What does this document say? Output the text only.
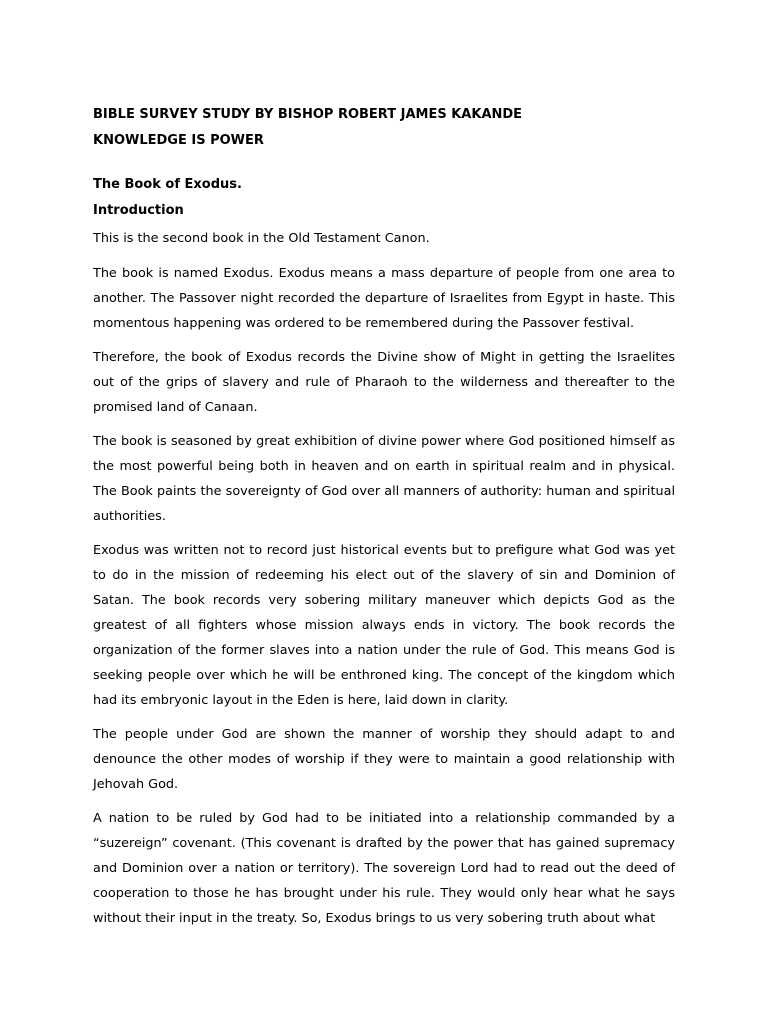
BIBLE SURVEY STUDY BY BISHOP ROBERT JAMES KAKANDE
KNOWLEDGE IS POWER
The Book of Exodus.
Introduction

This is the second book in the Old Testament Canon.

The book is named Exodus. Exodus means a mass departure of people from one area to another. The Passover night recorded the departure of Israelites from Egypt in haste. This momentous happening was ordered to be remembered during the Passover festival.

Therefore, the book of Exodus records the Divine show of Might in getting the Israelites out of the grips of slavery and rule of Pharaoh to the wilderness and thereafter to the promised land of Canaan.

The book is seasoned by great exhibition of divine power where God positioned himself as the most powerful being both in heaven and on earth in spiritual realm and in physical. The Book paints the sovereignty of God over all manners of authority: human and spiritual authorities.

Exodus was written not to record just historical events but to prefigure what God was yet to do in the mission of redeeming his elect out of the slavery of sin and Dominion of Satan. The book records very sobering military maneuver which depicts God as the greatest of all fighters whose mission always ends in victory. The book records the organization of the former slaves into a nation under the rule of God. This means God is seeking people over which he will be enthroned king. The concept of the kingdom which had its embryonic layout in the Eden is here, laid down in clarity.

The people under God are shown the manner of worship they should adapt to and denounce the other modes of worship if they were to maintain a good relationship with Jehovah God.

A nation to be ruled by God had to be initiated into a relationship commanded by a “suzereign” covenant. (This covenant is drafted by the power that has gained supremacy and Dominion over a nation or territory). The sovereign Lord had to read out the deed of cooperation to those he has brought under his rule. They would only hear what he says without their input in the treaty. So, Exodus brings to us very sobering truth about what
